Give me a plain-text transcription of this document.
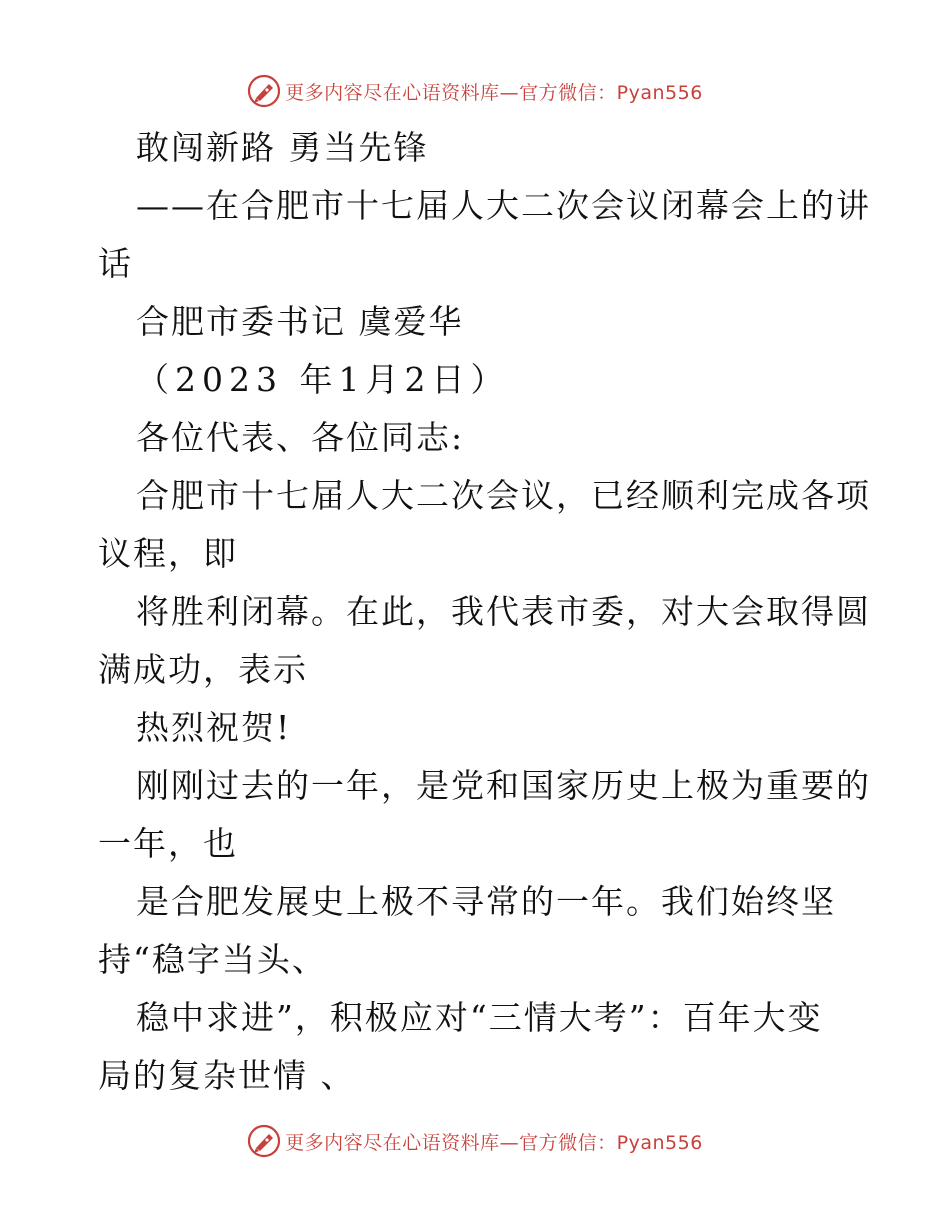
更多内容尽在心语资料库—官方微信：Pyan556
敢闯新路 勇当先锋
——在合肥市十七届人大二次会议闭幕会上的讲
话
合肥市委书记 虞爱华
（2023 年1月2日）
各位代表、各位同志:
合肥市十七届人大二次会议，已经顺利完成各项
议程，即
将胜利闭幕。在此，我代表市委，对大会取得圆
满成功，表示
热烈祝贺!
刚刚过去的一年，是党和国家历史上极为重要的
一年，也
是合肥发展史上极不寻常的一年。我们始终坚
持“稳字当头、
稳中求进”，积极应对“三情大考”：百年大变
局的复杂世情 、
更多内容尽在心语资料库—官方微信：Pyan556
